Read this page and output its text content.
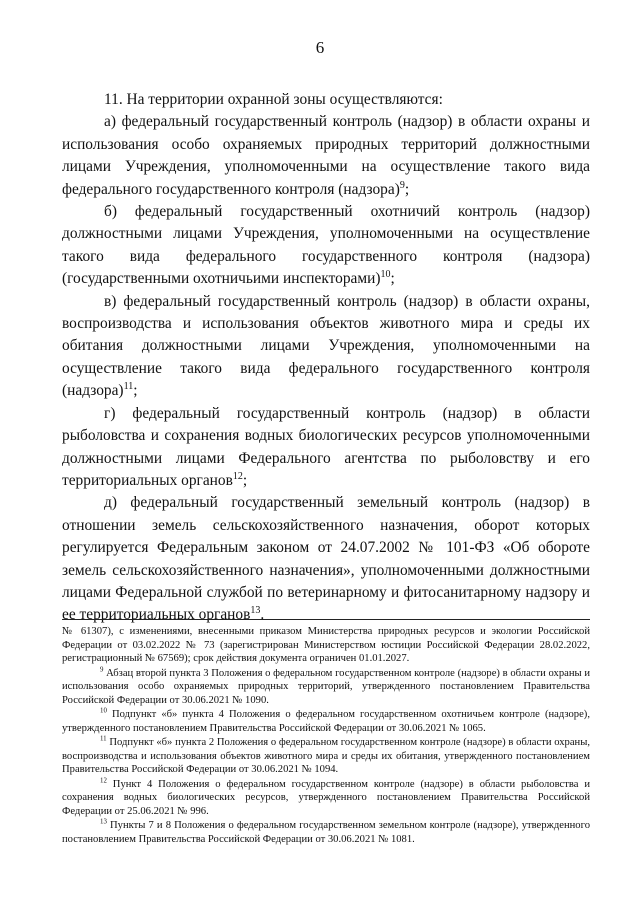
6

11. На территории охранной зоны осуществляются:

а) федеральный государственный контроль (надзор) в области охраны и использования особо охраняемых природных территорий должностными лицами Учреждения, уполномоченными на осуществление такого вида федерального государственного контроля (надзора)$^9$;

б) федеральный государственный охотничий контроль (надзор) должностными лицами Учреждения, уполномоченными на осуществление такого вида федерального государственного контроля (надзора) (государственными охотничьими инспекторами)$^{10}$;

в) федеральный государственный контроль (надзор) в области охраны, воспроизводства и использования объектов животного мира и среды их обитания должностными лицами Учреждения, уполномоченными на осуществление такого вида федерального государственного контроля (надзора)$^{11}$;

г) федеральный государственный контроль (надзор) в области рыболовства и сохранения водных биологических ресурсов уполномоченными должностными лицами Федерального агентства по рыболовству и его территориальных органов$^{12}$;

д) федеральный государственный земельный контроль (надзор) в отношении земель сельскохозяйственного назначения, оборот которых регулируется Федеральным законом от 24.07.2002 № 101-ФЗ «Об обороте земель сельскохозяйственного назначения», уполномоченными должностными лицами Федеральной службой по ветеринарному и фитосанитарному надзору и ее территориальных органов$^{13}$.

№ 61307), с изменениями, внесенными приказом Министерства природных ресурсов и экологии Российской Федерации от 03.02.2022 № 73 (зарегистрирован Министерством юстиции Российской Федерации 28.02.2022, регистрационный № 67569); срок действия документа ограничен 01.01.2027.

$^9$ Абзац второй пункта 3 Положения о федеральном государственном контроле (надзоре) в области охраны и использования особо охраняемых природных территорий, утвержденного постановлением Правительства Российской Федерации от 30.06.2021 № 1090.

$^{10}$ Подпункт «б» пункта 4 Положения о федеральном государственном охотничьем контроле (надзоре), утвержденного постановлением Правительства Российской Федерации от 30.06.2021 № 1065.

$^{11}$ Подпункт «б» пункта 2 Положения о федеральном государственном контроле (надзоре) в области охраны, воспроизводства и использования объектов животного мира и среды их обитания, утвержденного постановлением Правительства Российской Федерации от 30.06.2021 № 1094.

$^{12}$ Пункт 4 Положения о федеральном государственном контроле (надзоре) в области рыболовства и сохранения водных биологических ресурсов, утвержденного постановлением Правительства Российской Федерации от 25.06.2021 № 996.

$^{13}$ Пункты 7 и 8 Положения о федеральном государственном земельном контроле (надзоре), утвержденного постановлением Правительства Российской Федерации от 30.06.2021 № 1081.
